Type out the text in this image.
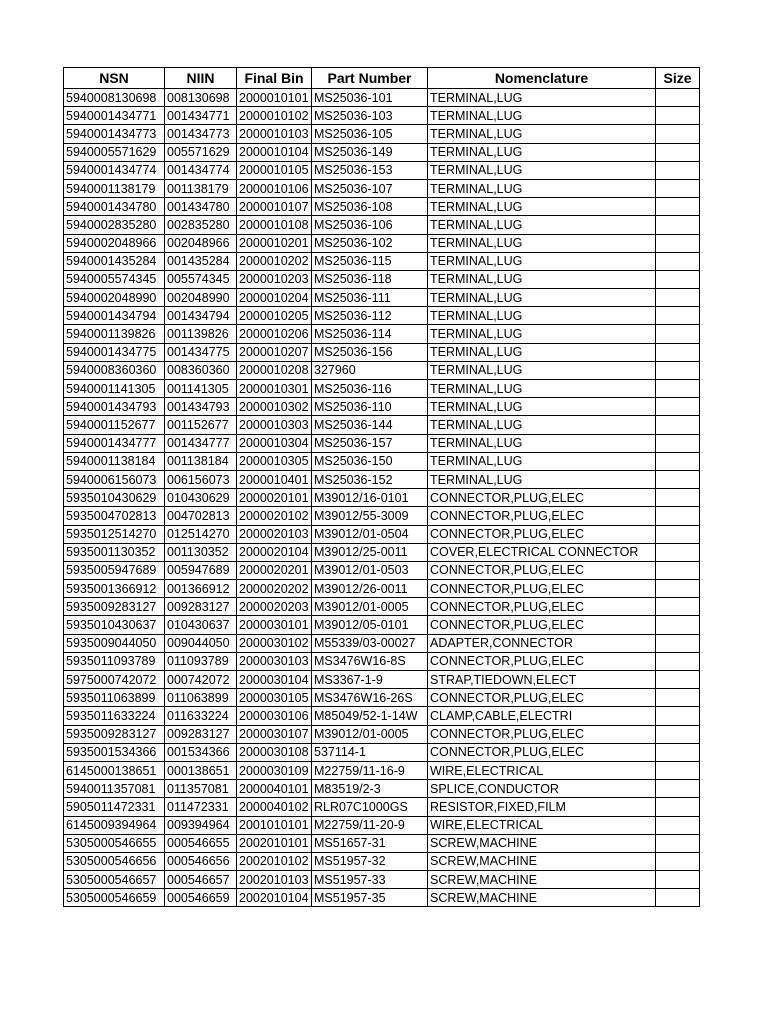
NSN	NIIN	Final Bin	Part Number	Nomenclature	Size
5940008130698	008130698	2000010101	MS25036-101	TERMINAL,LUG	
5940001434771	001434771	2000010102	MS25036-103	TERMINAL,LUG	
5940001434773	001434773	2000010103	MS25036-105	TERMINAL,LUG	
5940005571629	005571629	2000010104	MS25036-149	TERMINAL,LUG	
5940001434774	001434774	2000010105	MS25036-153	TERMINAL,LUG	
5940001138179	001138179	2000010106	MS25036-107	TERMINAL,LUG	
5940001434780	001434780	2000010107	MS25036-108	TERMINAL,LUG	
5940002835280	002835280	2000010108	MS25036-106	TERMINAL,LUG	
5940002048966	002048966	2000010201	MS25036-102	TERMINAL,LUG	
5940001435284	001435284	2000010202	MS25036-115	TERMINAL,LUG	
5940005574345	005574345	2000010203	MS25036-118	TERMINAL,LUG	
5940002048990	002048990	2000010204	MS25036-111	TERMINAL,LUG	
5940001434794	001434794	2000010205	MS25036-112	TERMINAL,LUG	
5940001139826	001139826	2000010206	MS25036-114	TERMINAL,LUG	
5940001434775	001434775	2000010207	MS25036-156	TERMINAL,LUG	
5940008360360	008360360	2000010208	327960	TERMINAL,LUG	
5940001141305	001141305	2000010301	MS25036-116	TERMINAL,LUG	
5940001434793	001434793	2000010302	MS25036-110	TERMINAL,LUG	
5940001152677	001152677	2000010303	MS25036-144	TERMINAL,LUG	
5940001434777	001434777	2000010304	MS25036-157	TERMINAL,LUG	
5940001138184	001138184	2000010305	MS25036-150	TERMINAL,LUG	
5940006156073	006156073	2000010401	MS25036-152	TERMINAL,LUG	
5935010430629	010430629	2000020101	M39012/16-0101	CONNECTOR,PLUG,ELEC	
5935004702813	004702813	2000020102	M39012/55-3009	CONNECTOR,PLUG,ELEC	
5935012514270	012514270	2000020103	M39012/01-0504	CONNECTOR,PLUG,ELEC	
5935001130352	001130352	2000020104	M39012/25-0011	COVER,ELECTRICAL CONNECTOR	
5935005947689	005947689	2000020201	M39012/01-0503	CONNECTOR,PLUG,ELEC	
5935001366912	001366912	2000020202	M39012/26-0011	CONNECTOR,PLUG,ELEC	
5935009283127	009283127	2000020203	M39012/01-0005	CONNECTOR,PLUG,ELEC	
5935010430637	010430637	2000030101	M39012/05-0101	CONNECTOR,PLUG,ELEC	
5935009044050	009044050	2000030102	M55339/03-00027	ADAPTER,CONNECTOR	
5935011093789	011093789	2000030103	MS3476W16-8S	CONNECTOR,PLUG,ELEC	
5975000742072	000742072	2000030104	MS3367-1-9	STRAP,TIEDOWN,ELECT	
5935011063899	011063899	2000030105	MS3476W16-26S	CONNECTOR,PLUG,ELEC	
5935011633224	011633224	2000030106	M85049/52-1-14W	CLAMP,CABLE,ELECTRI	
5935009283127	009283127	2000030107	M39012/01-0005	CONNECTOR,PLUG,ELEC	
5935001534366	001534366	2000030108	537114-1	CONNECTOR,PLUG,ELEC	
6145000138651	000138651	2000030109	M22759/11-16-9	WIRE,ELECTRICAL	
5940011357081	011357081	2000040101	M83519/2-3	SPLICE,CONDUCTOR	
5905011472331	011472331	2000040102	RLR07C1000GS	RESISTOR,FIXED,FILM	
6145009394964	009394964	2001010101	M22759/11-20-9	WIRE,ELECTRICAL	
5305000546655	000546655	2002010101	MS51657-31	SCREW,MACHINE	
5305000546656	000546656	2002010102	MS51957-32	SCREW,MACHINE	
5305000546657	000546657	2002010103	MS51957-33	SCREW,MACHINE	
5305000546659	000546659	2002010104	MS51957-35	SCREW,MACHINE	
